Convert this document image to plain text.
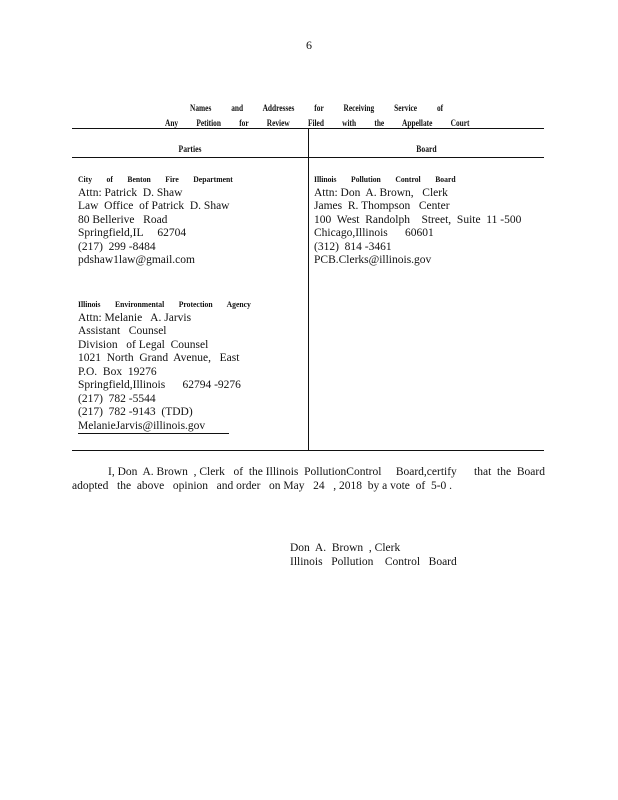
6
Names and Addresses for Receiving Service of
Any Petition for Review Filed with the Appellate Court
Parties	Board
City of Benton Fire Department
Attn: Patrick  D. Shaw
Law  Office  of Patrick  D. Shaw
80 Bellerive   Road
Springfield,IL     62704
(217)  299 -8484
pdshaw1law@gmail.com
Illinois Environmental Protection Agency
Attn: Melanie   A. Jarvis
Assistant   Counsel
Division   of Legal  Counsel
1021  North  Grand  Avenue,   East
P.O.  Box  19276
Springfield,Illinois      62794 -9276
(217)  782 -5544
(217)  782 -9143  (TDD)
MelanieJarvis@illinois.gov
Illinois Pollution Control Board
Attn: Don  A. Brown,   Clerk
James  R. Thompson   Center
100  West  Randolph    Street,  Suite  11 -500
Chicago,Illinois      60601
(312)  814 -3461
PCB.Clerks@illinois.gov
I, Don  A. Brown  , Clerk   of  the Illinois  PollutionControl     Board,certify      that  the  Board
adopted   the  above   opinion   and order   on May   24   , 2018  by a vote  of  5-0 .
Don  A.  Brown  , Clerk
Illinois   Pollution    Control   Board
